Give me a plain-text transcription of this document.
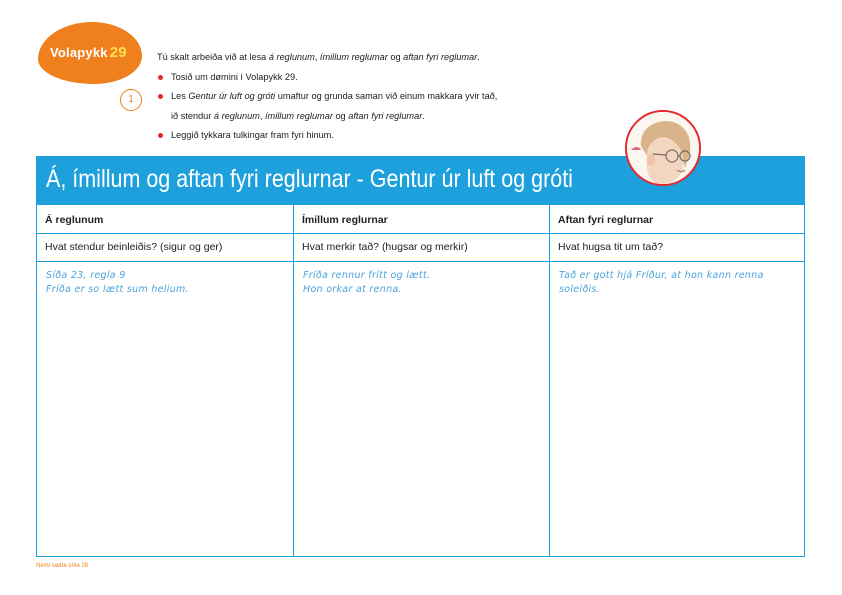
Volapykk 29
1

Tú skalt arbeiða við at lesa á reglunum, ímillum reglumar og aftan fyri reglumar.

Tosið um dømini í Volapykk 29.
Les Gentur úr luft og gróti umaftur og grunda saman við einum makkara yvir tað,
ið stendur á reglunum, ímillum reglumar og aftan fyri reglumar.
Leggið tykkara tulkingar fram fyri hinum.
Á, ímillum og aftan fyri reglurnar - Gentur úr luft og gróti
Á reglunum
Hvat stendur beinleiðis? (sigur og ger)
Síða 23, regla 9
Fríða er so lætt sum helium.
Ímillum reglurnar
Hvat merkir tað? (hugsar og merkir)
Fríða rennur frítt og lætt.
Hon orkar at renna.
Aftan fyri reglurnar
Hvat hugsa tit um tað?
Tað er gott hjá Fríður, at hon kann renna
soleiðis.
Nemi sætta síða 28
